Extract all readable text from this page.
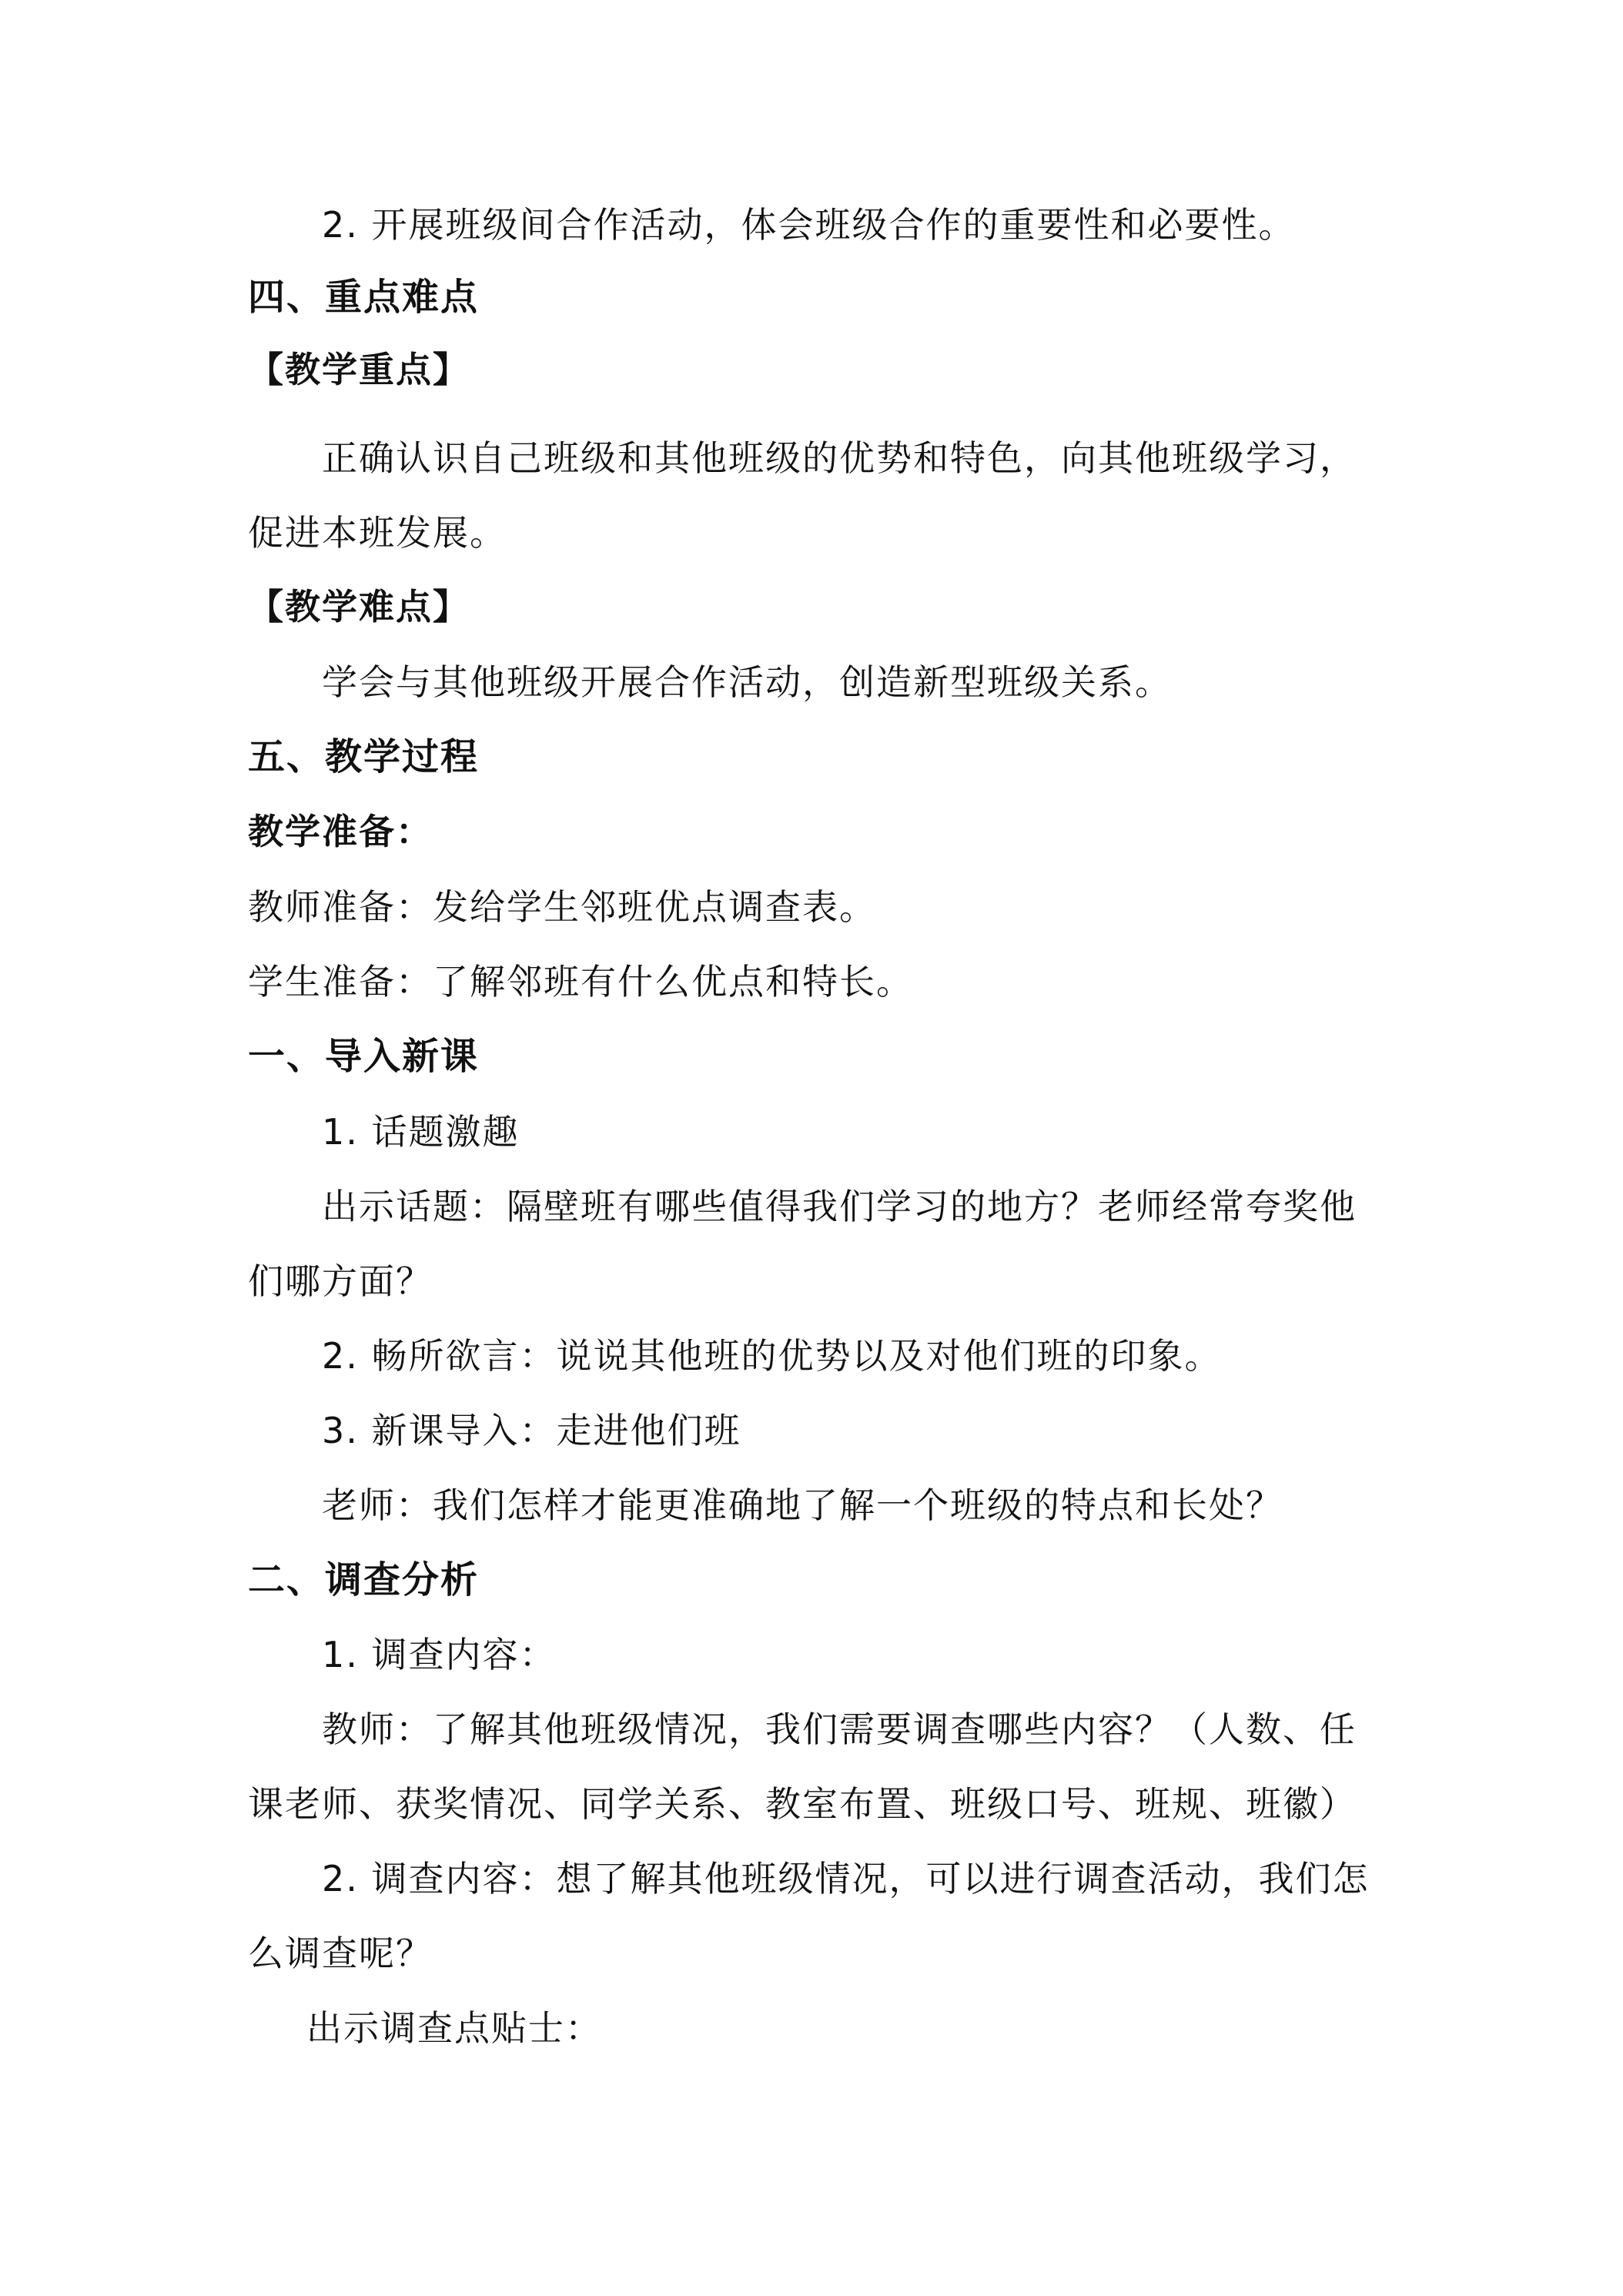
2. 开展班级间合作活动，体会班级合作的重要性和必要性。
四、重点难点
【教学重点】
正确认识自己班级和其他班级的优势和特色，向其他班级学习，
促进本班发展。
【教学难点】
学会与其他班级开展合作活动，创造新型班级关系。
五、教学过程
教学准备：
教师准备：发给学生邻班优点调查表。
学生准备：了解邻班有什么优点和特长。
一、导入新课
1. 话题激趣
出示话题：隔壁班有哪些值得我们学习的地方？老师经常夸奖他
们哪方面？
2. 畅所欲言：说说其他班的优势以及对他们班的印象。
3. 新课导入：走进他们班
老师：我们怎样才能更准确地了解一个班级的特点和长处？
二、调查分析
1. 调查内容：
教师：了解其他班级情况，我们需要调查哪些内容？（人数、任
课老师、获奖情况、同学关系、教室布置、班级口号、班规、班徽）
2. 调查内容：想了解其他班级情况，可以进行调查活动，我们怎
么调查呢？
出示调查点贴士：
